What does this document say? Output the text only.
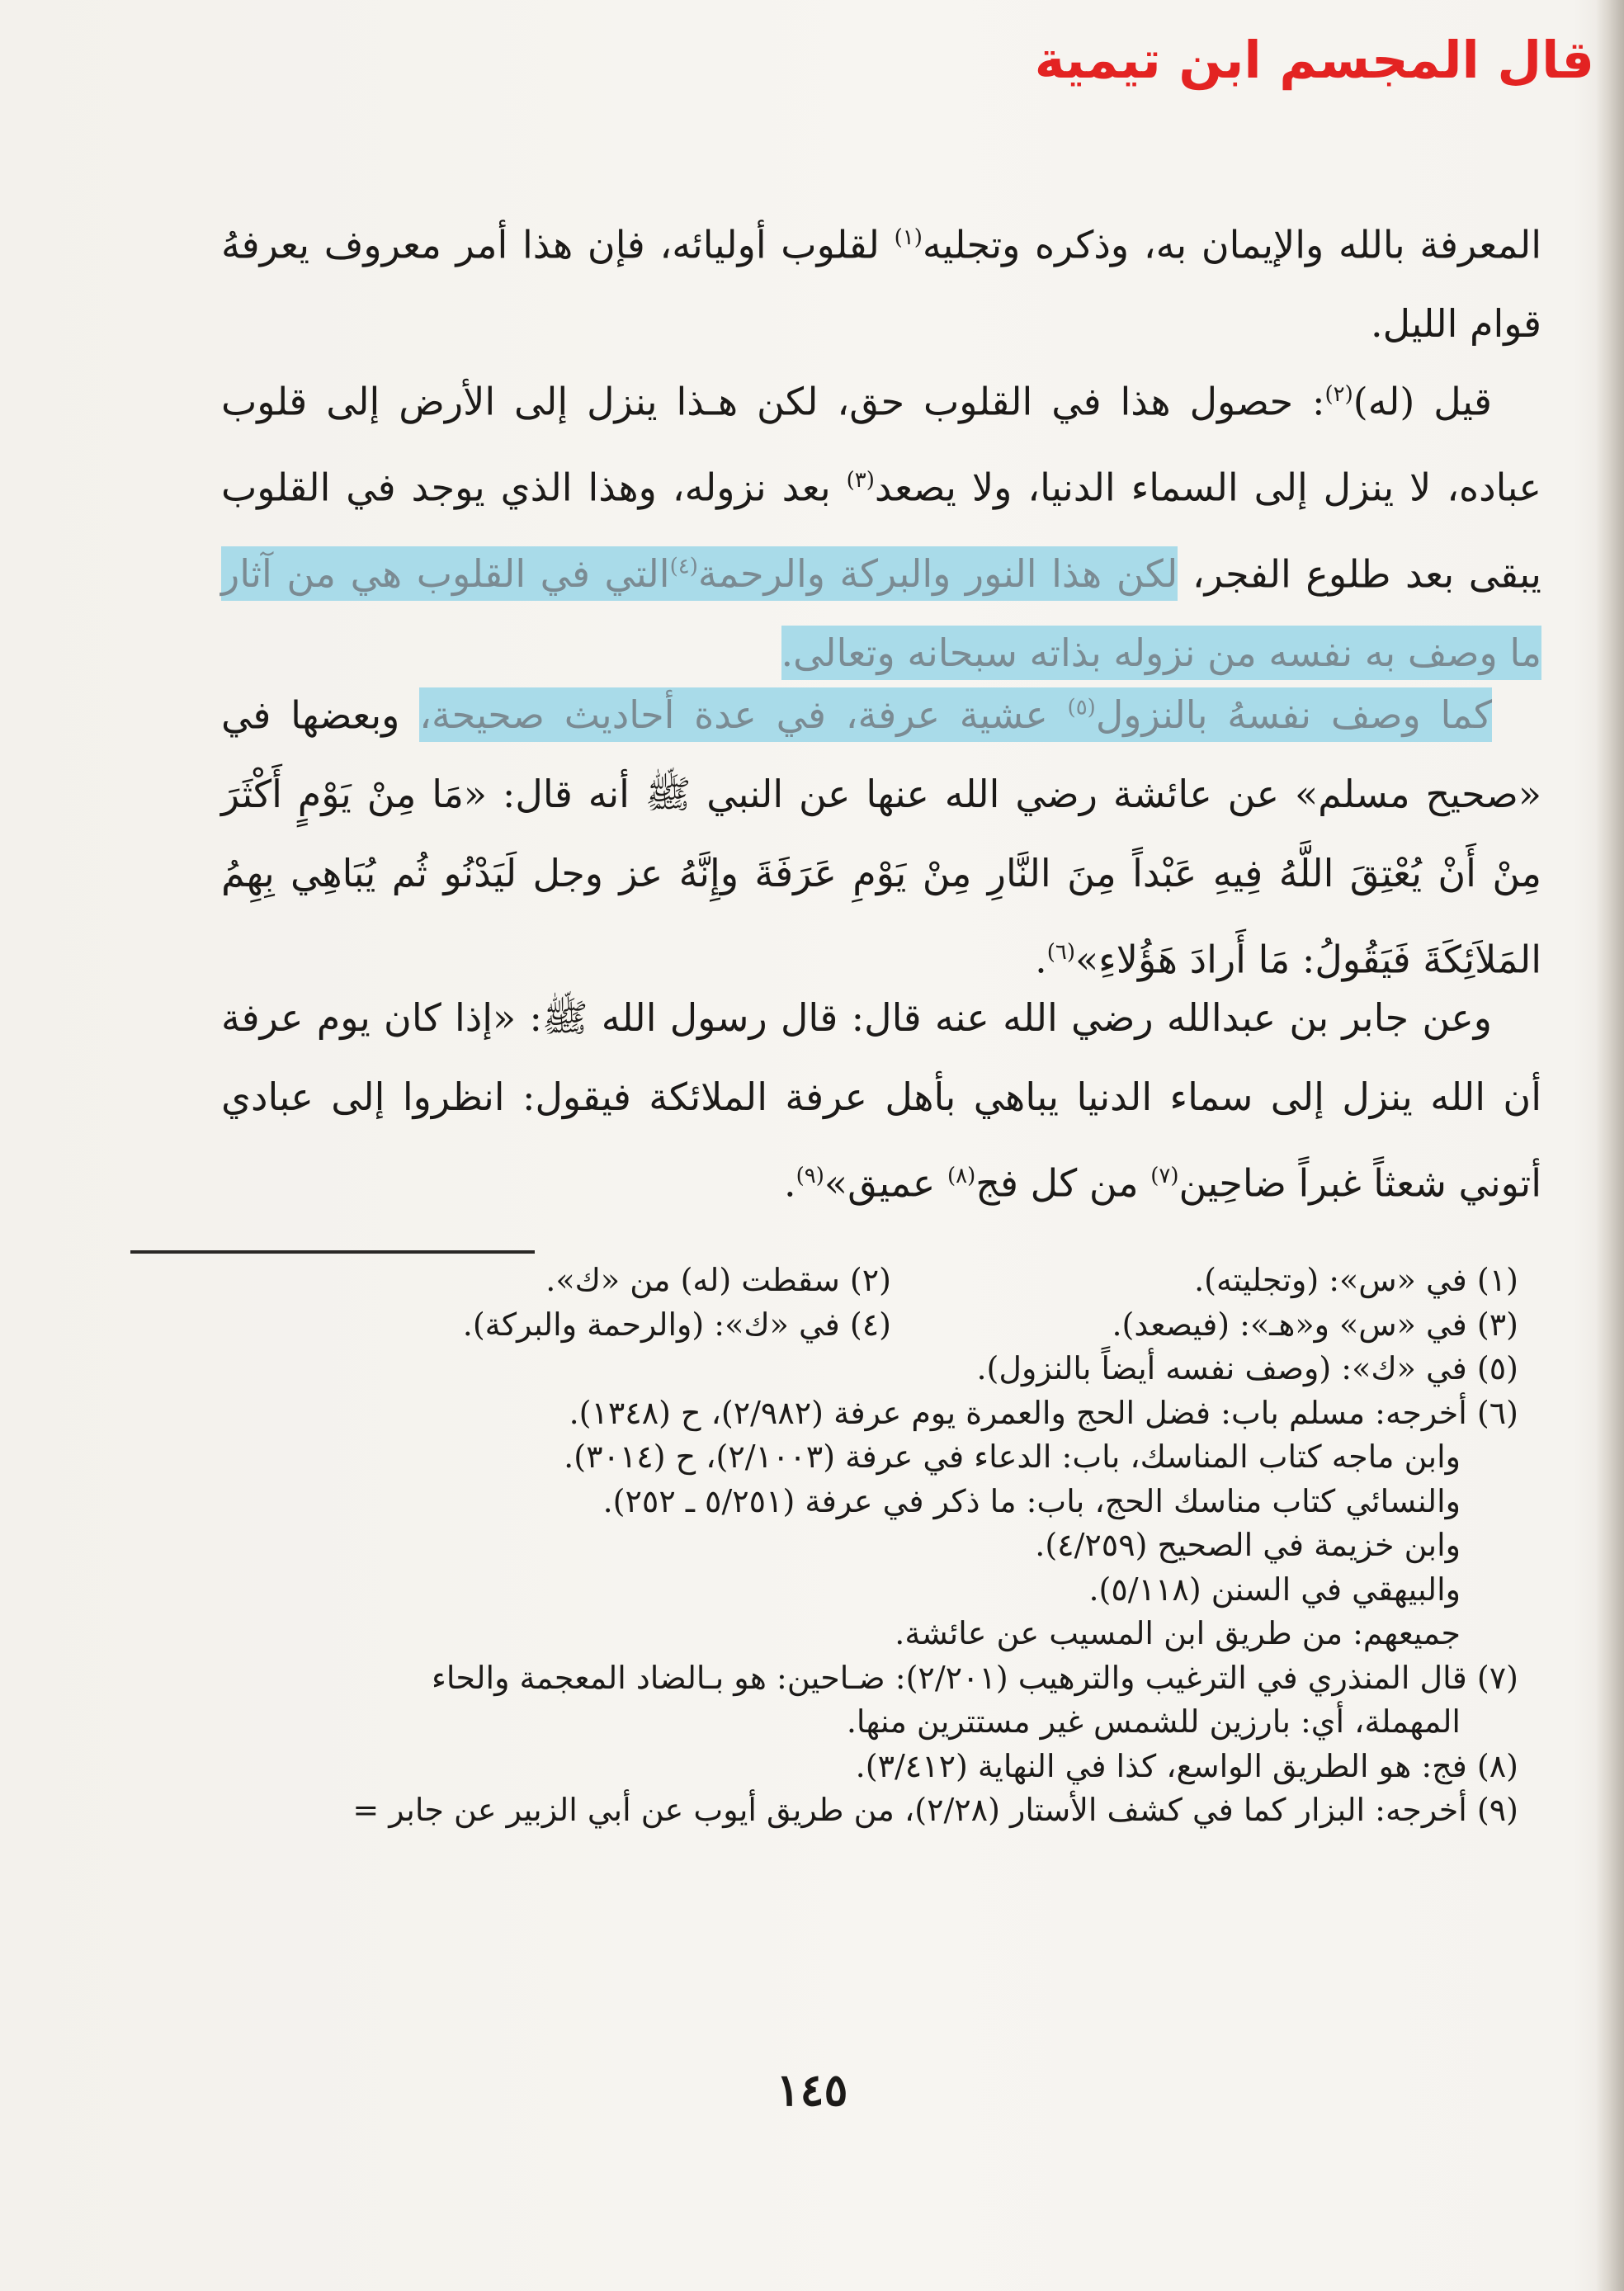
قال المجسم ابن تيمية

المعرفة بالله والإيمان به، وذكره وتجليه$^{(١)}$ لقلوب أوليائه، فإن هذا أمر معروف يعرفهُ قوام الليل.

قيل (له)$^{(٢)}$: حصول هذا في القلوب حق، لكن هـذا ينزل إلى الأرض إلى قلوب عباده، لا ينزل إلى السماء الدنيا، ولا يصعد$^{(٣)}$ بعد نزوله، وهذا الذي يوجد في القلوب يبقى بعد طلوع الفجر، لكن هذا النور والبركة والرحمة$^{(٤)}$التي في القلوب هي من آثار ما وصف به نفسه من نزوله بذاته سبحانه وتعالى.

كما وصف نفسهُ بالنزول$^{(٥)}$ عشية عرفة، في عدة أحاديث صحيحة، وبعضها في «صحيح مسلم» عن عائشة رضي الله عنها عن النبي ﷺ أنه قال: «مَا مِنْ يَوْمٍ أَكْثَرَ مِنْ أَنْ يُعْتِقَ اللَّهُ فِيهِ عَبْداً مِنَ النَّارِ مِنْ يَوْمِ عَرَفَةَ وإِنَّهُ عز وجل لَيَدْنُو ثُم يُبَاهِي بِهِمُ المَلاَئِكَةَ فَيَقُولُ: مَا أَرادَ هَؤُلاءِ»$^{(٦)}$.

وعن جابر بن عبدالله رضي الله عنه قال: قال رسول الله ﷺ: «إذا كان يوم عرفة أن الله ينزل إلى سماء الدنيا يباهي بأهل عرفة الملائكة فيقول: انظروا إلى عبادي أتوني شعثاً غبراً ضاحِين$^{(٧)}$ من كل فج$^{(٨)}$ عميق»$^{(٩)}$.

(١) في «س»: (وتجليته).
(٢) سقطت (له) من «ك».
(٣) في «س» و«هـ»: (فيصعد).
(٤) في «ك»: (والرحمة والبركة).
(٥) في «ك»: (وصف نفسه أيضاً بالنزول).
(٦) أخرجه: مسلم باب: فضل الحج والعمرة يوم عرفة (٢/٩٨٢)، ح (١٣٤٨).
وابن ماجه كتاب المناسك، باب: الدعاء في عرفة (٢/١٠٠٣)، ح (٣٠١٤).
والنسائي كتاب مناسك الحج، باب: ما ذكر في عرفة (٥/٢٥١ ـ ٢٥٢).
وابن خزيمة في الصحيح (٤/٢٥٩).
والبيهقي في السنن (٥/١١٨).
جميعهم: من طريق ابن المسيب عن عائشة.
(٧) قال المنذري في الترغيب والترهيب (٢/٢٠١): ضـاحين: هو بـالضاد المعجمة والحاء
المهملة، أي: بارزين للشمس غير مستترين منها.
(٨) فج: هو الطريق الواسع، كذا في النهاية (٣/٤١٢).
(٩) أخرجه: البزار كما في كشف الأستار (٢/٢٨)، من طريق أيوب عن أبي الزبير عن جابر =
١٤٥
